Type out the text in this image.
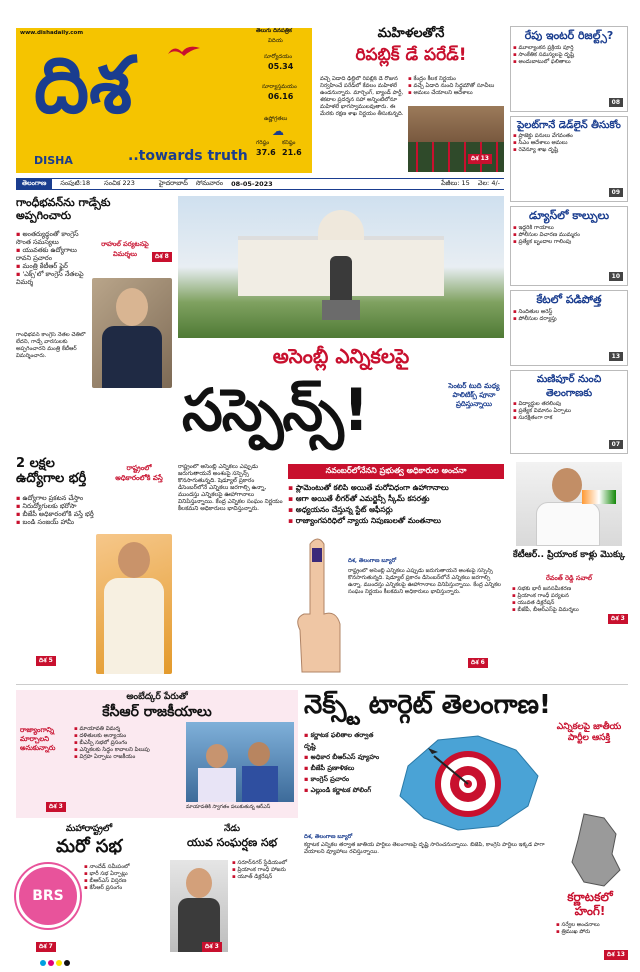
www.dishadaily.com
దిశ
DISHA	..towards truth
తెలుగు దినపత్రిక
విదియ
సూర్యోదయం
05.34
సూర్యాస్తమయం
06.16
ఉష్ణోగ్రతలు
☁
గరిష్ఠం
37.6
కనిష్ఠం
21.6
మహిళలతోనే
రిపబ్లిక్ డే పరేడ్!
వచ్చే ఏడాది ఢిల్లీలో రిపబ్లిక్ డే రోజున నిర్వహించే పరేడ్‌లో కేవలం మహిళలే ఉండనున్నారు. మార్చింగ్, బ్యాండ్ పార్టీ, శకటాల ప్రదర్శన సహా అన్నింటిలోనూ మహిళలే భాగస్వాములవుతారు. ఈ మేరకు రక్షణ శాఖ నిర్ణయం తీసుకున్నది.
▪ కేంద్రం కీలక నిర్ణయం
▪ వచ్చే ఏడాది నుంచి సిద్ధమౌతో సూచీలు
▪ అమలు చేయాలని ఆదేశాలు
దిశ 13
రేపు ఇంటర్ రిజల్ట్స్?
▪ మూల్యాంకన ప్రక్రియ పూర్తి
▪ సాంకేతిక సమస్యలపై దృష్టి
▪ అందుబాటులో ఫలితాలు
08
పైలట్‌గానే డెడ్‌లైన్ తీసుకోం
▪ ప్రాజెక్టు పనులు వేగవంతం
▪ సీఎం ఆదేశాలు అమలు
▪ రెవెన్యూ శాఖ దృష్టి
09
డ్యూస్‌లో కాల్పులు
▪ ఇద్దరికి గాయాలు
▪ పోలీసుల విచారణ ముమ్మరం
▪ ప్రత్యేక బృందాల గాలింపు
10
కేటలో పడిపోత్త
▪ నిందితుల అరెస్ట్
▪ పోలీసుల దర్యాప్తు
13
మణిపూర్ నుంచి తెలంగాణకు
▪ విద్యార్థుల తరలింపు
▪ ప్రత్యేక విమానం ఏర్పాటు
▪ సురక్షితంగా రాక
07
తెలంగాణ	సంపుటి:18 సంచిక 223	హైదరాబాద్ సోమవారం 08-05-2023	పేజీలు: 15 వెల: 4/-
గాంధీభవన్‌ను గాడ్సేకు అప్పగించారు
▪ అంతర్యుద్ధంతో కాంగ్రెస్ సొంత సమస్యలు
▪ యువతకు ఉద్యోగాలు రావని ప్రచారం
▪ మంత్రి కేటీఆర్ ఫైర్
▪ 'ఎక్స్'లో కాంగ్రెస్ నేతలపై విమర్శ
రాహుల్ పర్యటనపై విమర్శలు	దిశ 8
గాంధీభవన్ కాంగ్రెస్ నేతల చేతిలో లేదని, గాడ్సే వారసులకు అప్పగించారని మంత్రి కేటీఆర్ విమర్శించారు.
2 లక్షల ఉద్యోగాల భర్తీ
రాష్ట్రంలో అధికారంలోకి వస్తే
▪ ఉద్యోగాల ప్రకటన చేస్తాం
▪ నిరుద్యోగులకు భరోసా
▪ బీజేపీ అధికారంలోకి వస్తే భర్తీ
▪ బండి సంజయ్ హామీ
దిశ 5
అసెంబ్లీ ఎన్నికలపై
సస్పెన్స్!	సెంటర్ టుది మధ్య పాలిటిక్స్ పూనా ప్రదిస్తున్నాయి
నవంబర్‌లోనేనని ప్రభుత్వ అధికారుల అంచనా
రాష్ట్రంలో అసెంబ్లీ ఎన్నికలు ఎప్పుడు జరుగుతాయనే అంశంపై సస్పెన్స్ కొనసాగుతున్నది. షెడ్యూల్ ప్రకారం డిసెంబర్‌లోనే ఎన్నికలు జరగాల్సి ఉన్నా, ముందస్తు ఎన్నికలపై ఊహాగానాలు వినిపిస్తున్నాయి. కేంద్ర ఎన్నికల సంఘం నిర్ణయం కీలకమని అధికారులు భావిస్తున్నారు.
▪ ప్లామెంటుతో కలిపి అయితే మరోవిధంగా ఉహాగానాలు
▪ ఆగా అయితే లీగర్‌తో ఎమర్జెన్సీ స్కీమ్ కసరత్తు
▪ అధ్యయనం చేస్తున్న స్టేట్ ఆఫీసర్లు
▪ రాజ్యాంగపరిధిలో న్యాయ నిపుణులతో మంతనాలు
దిశ, తెలంగాణ బ్యూరో
రాష్ట్రంలో అసెంబ్లీ ఎన్నికలు ఎప్పుడు జరుగుతాయనే అంశంపై సస్పెన్స్ కొనసాగుతున్నది. షెడ్యూల్ ప్రకారం డిసెంబర్‌లోనే ఎన్నికలు జరగాల్సి ఉన్నా, ముందస్తు ఎన్నికలపై ఊహాగానాలు వినిపిస్తున్నాయి. కేంద్ర ఎన్నికల సంఘం నిర్ణయం కీలకమని అధికారులు భావిస్తున్నారు.
దిశ 6
కేటీఆర్.. ప్రియాంక కాళ్లు మొక్కు
రేవంత్ రెడ్డి సవాల్
▪ సభకు భారీ జనసమీకరణ
▪ ప్రియాంక గాంధీ పర్యటన
▪ యువత డిక్లరేషన్
▪ బీజేపీ, బీఆర్ఎస్‌పై విమర్శలు
దిశ 3
అంబేద్కర్ పేరుతో
కేసీఆర్ రాజకీయాలు
రాజ్యాంగాన్ని మార్చాలని అనుకున్నారు
▪ మాయావతి విమర్శ
▪ దళితులకు అన్యాయం
▪ బీఎస్పీ సభలో ప్రసంగం
▪ ఎన్నికలకు సిద్ధం కావాలని పిలుపు
▪ విగ్రహ ఏర్పాటు రాజకీయం
మాయావతికి స్వాగతం పలుకుతున్న ఆర్ఎస్
దిశ 3
నెక్స్ట్ టార్గెట్ తెలంగాణ!
ఎన్నికలపై జాతీయ పార్టీల ఆసక్తి
▪ కర్ణాటక ఫలితాల తర్వాత దృష్టి
▪ అధికార బీఆర్ఎస్ వ్యూహం
▪ బీజేపీ ప్రణాళికలు
▪ కాంగ్రెస్ ప్రచారం
▪ ఎల్లుండి కర్ణాటక పోలింగ్
దిశ, తెలంగాణ బ్యూరో
కర్ణాటక ఎన్నికల తర్వాత జాతీయ పార్టీలు తెలంగాణపై దృష్టి సారించనున్నాయి. బీజేపీ, కాంగ్రెస్ పార్టీలు ఇక్కడ పాగా వేయాలని వ్యూహాలు రచిస్తున్నాయి.
కర్ణాటకలో హంగ్!
▪ సర్వేల అంచనాలు
▪ త్రిముఖ పోరు
దిశ 13
మహారాష్ట్రలో
మరో సభ
BRS
▪ నాందేడ్ సమీపంలో
▪ భారీ సభ ఏర్పాట్లు
▪ బీఆర్ఎస్ విస్తరణ
▪ కేసీఆర్ ప్రసంగం
దిశ 7
నేడు
యువ సంఘర్షణ సభ
▪ సరూర్‌నగర్ స్టేడియంలో
▪ ప్రియాంక గాంధీ హాజరు
▪ యూత్ డిక్లరేషన్
దిశ 3
